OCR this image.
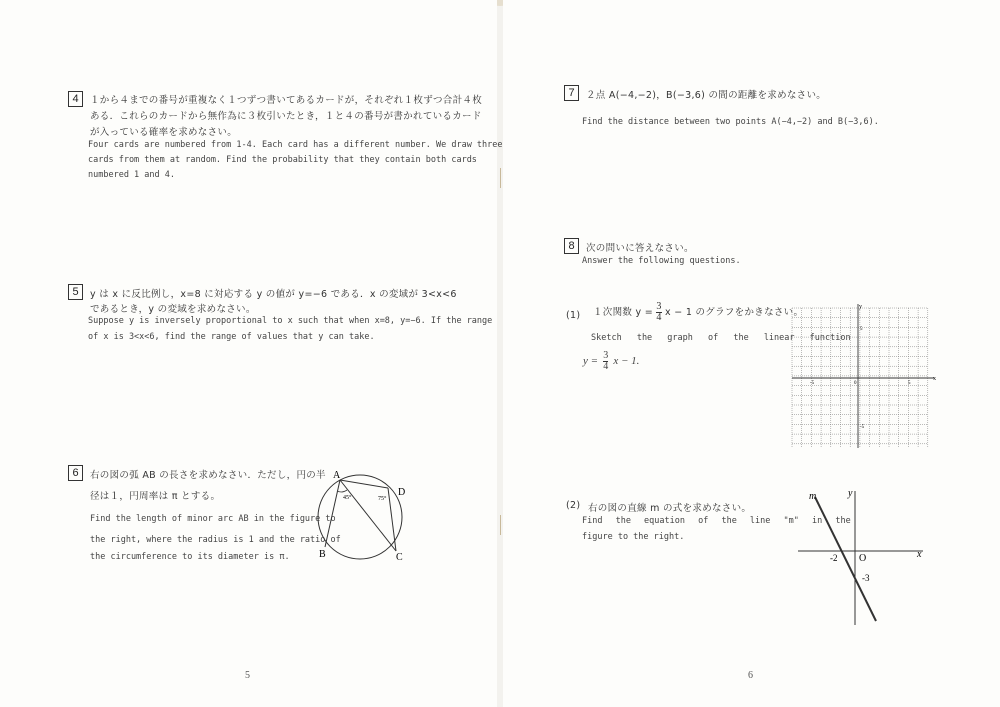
4	１から４までの番号が重複なく１つずつ書いてあるカードが，それぞれ１枚ずつ合計４枚
ある．これらのカードから無作為に３枚引いたとき，１と４の番号が書かれているカード
が入っている確率を求めなさい。
Four cards are numbered from 1-4. Each card has a different number. We draw three
cards from them at random. Find the probability that they contain both cards
numbered 1 and 4.
5	y は x に反比例し，x=8 に対応する y の値が y=−6 である．x の変域が 3<x<6
であるとき，y の変域を求めなさい。
Suppose y is inversely proportional to x such that when x=8, y=−6. If the range
of x is 3<x<6, find the range of values that y can take.
6	右の図の弧 AB の長さを求めなさい．ただし，円の半
径は１，円周率は π とする。
Find the length of minor arc AB in the figure to
the right, where the radius is 1 and the ratio of
the circumference to its diameter is π.
A
B	C
D
45°	75°
5
7	２点 A(−4,−2)，B(−3,6) の間の距離を求めなさい。
Find the distance between two points A(−4,−2) and B(−3,6).
8	次の問いに答えなさい。
Answer the following questions.
(1) １次関数 $y = \frac{3}{4}$ x − 1 のグラフをかきなさい。
Sketch the graph of the linear function
$y = \frac{3}{4}$ x − 1.
x
y
-5	0	5
5
-5
(2) 右の図の直線 m の式を求めなさい。
Find the equation of the line "m" in the
figure to the right.
m	y
x
O
-2
-3
6
